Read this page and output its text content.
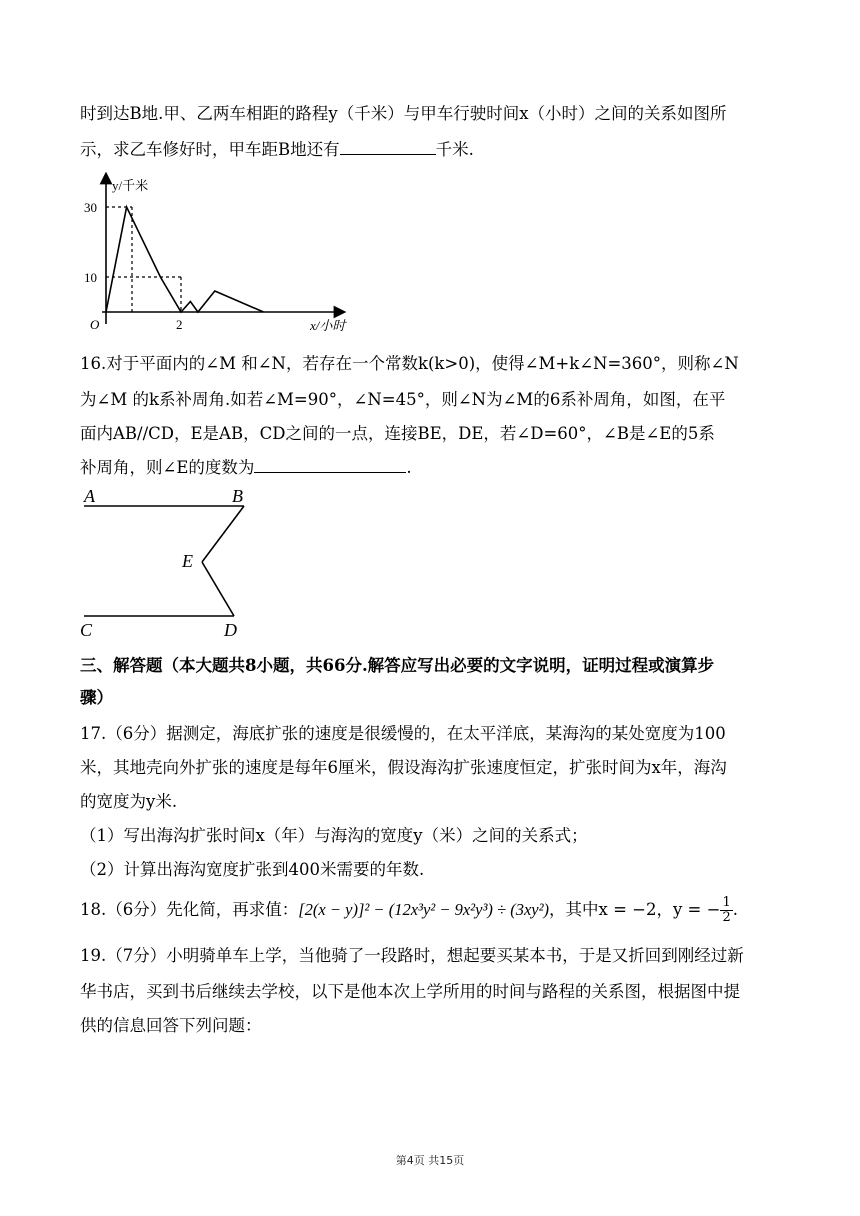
时到达B地.甲、乙两车相距的路程y（千米）与甲车行驶时间x（小时）之间的关系如图所
示，求乙车修好时，甲车距B地还有	千米.
y/千米
x/小时
O
30
10
2
16.对于平面内的∠M 和∠N，若存在一个常数k(k>0)，使得∠M+k∠N=360°，则称∠N
为∠M 的k系补周角.如若∠M=90°，∠N=45°，则∠N为∠M的6系补周角，如图，在平
面内AB//CD，E是AB，CD之间的一点，连接BE，DE，若∠D=60°，∠B是∠E的5系
补周角，则∠E的度数为	.
A	B
E
C	D
三、解答题（本大题共8小题，共66分.解答应写出必要的文字说明，证明过程或演算步
骤）
17.（6分）据测定，海底扩张的速度是很缓慢的，在太平洋底，某海沟的某处宽度为100
米，其地壳向外扩张的速度是每年6厘米，假设海沟扩张速度恒定，扩张时间为x年，海沟
的宽度为y米.
（1）写出海沟扩张时间x（年）与海沟的宽度y（米）之间的关系式；
（2）计算出海沟宽度扩张到400米需要的年数.
18.（6分）先化简，再求值：[2(x − y)]² − (12x³y² − 9x²y³) ÷ (3xy²)，其中x = −2，y = − $\frac{1}{2}$.
19.（7分）小明骑单车上学，当他骑了一段路时，想起要买某本书，于是又折回到刚经过新
华书店，买到书后继续去学校，以下是他本次上学所用的时间与路程的关系图，根据图中提
供的信息回答下列问题：
第4页 共15页
